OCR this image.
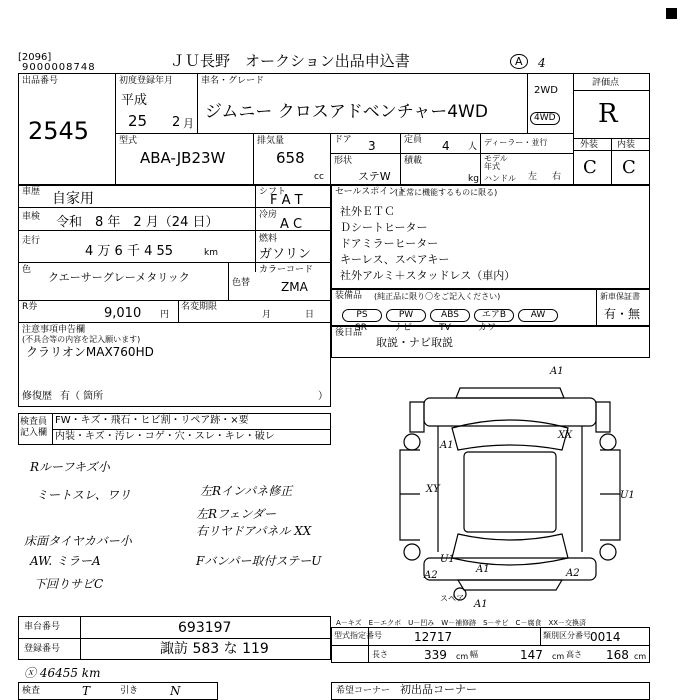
[2096]
9000008748	ＪＵ長野　オークション出品申込書	A	4
出品番号
2545
初度登録年月
平成
25 2 月
車名・グレード
ジムニー クロスアドベンチャー4WD
2WD
4WD
評価点
R
外装 内装
C C
型式
ABA-JB23W
排気量
658
cc
ドア 3	定員 4 人 ディーラー・並行
モデル年式
ハンドル 左 右
形状
ステW
積載
kg
車歴 自家用	シフト
F A T
車検 令和　8 年　2 月（24 日）	冷房
A C
走行
4 万 6 千 4 55	km
燃料
ガソリン
色
クエーサーグレーメタリック	色替
カラーコード
ZMA
R券	9,010 円
名変期限
月	日
注意事項申告欄
(不具合等の内容を記入願います)
クラリオンMAX760HD
修復歴 有（ 箇所	）
セールスポイント
(正常に機能するものに限る)
社外ＥＴＣ
Ｄシートヒーター
ドアミラーヒーター
キーレス、スペアキー
社外アルミ＋スタッドレス（車内）
装備品 (純正品に限り〇をご記入ください)
PS	PW	ABS	エアB	AW
SR	ナビ	TV	カワ
新車保証書
有・無
後日品
取説・ナビ取説
検査員記入欄
FW・キズ・飛石・ヒビ割・リペア跡・×要
内装・キズ・汚レ・コゲ・穴・スレ・キレ・破レ
Rルーフキズ小
ミートスレ、ワリ	左Rインパネ修正
左Rフェンダー
右リヤドアパネル XX
床面タイヤカバー小
AW. ミラーA	Fバンパー取付ステーU
下回りサビC
A1
A1
XX
XY
A2
U1
A2
A1
U1
A1
スペア
A－キズ　E－エクボ　U－凹み　W－補修跡　S－サビ　C－腐食　XX－交換済
車台番号	693197
登録番号	諏訪 583 な 119
型式指定番号	12717	類別区分番号 0014
長さ	339 cm 幅	147 cm 高さ 168 cm
ⓧ 46455 km
検査	T	引き	N	希望コーナー 初出品コーナー
